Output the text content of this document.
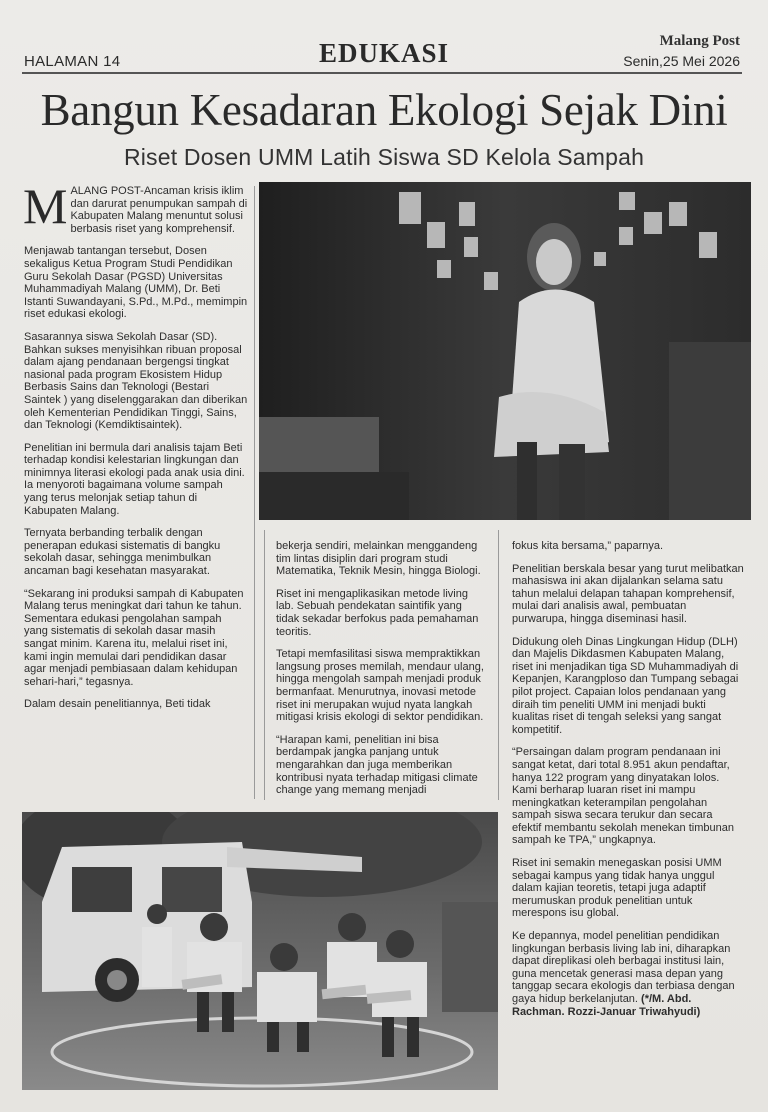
HALAMAN 14	EDUKASI	Malang Post
Senin,25 Mei 2026
Bangun Kesadaran Ekologi Sejak Dini
Riset Dosen UMM Latih Siswa SD Kelola Sampah

MALANG POST-Ancaman krisis iklim dan darurat penumpukan sampah di Kabupaten Malang menuntut solusi berbasis riset yang komprehensif.

Menjawab tantangan tersebut, Dosen sekaligus Ketua Program Studi Pendidikan Guru Sekolah Dasar (PGSD) Universitas Muhammadiyah Malang (UMM), Dr. Beti Istanti Suwandayani, S.Pd., M.Pd., memimpin riset edukasi ekologi.

Sasarannya siswa Sekolah Dasar (SD). Bahkan sukses menyisihkan ribuan proposal dalam ajang pendanaan bergengsi tingkat nasional pada program Ekosistem Hidup Berbasis Sains dan Teknologi (Bestari Saintek ) yang diselenggarakan dan diberikan oleh Kementerian Pendidikan Tinggi, Sains, dan Teknologi (Kemdiktisaintek).

Penelitian ini bermula dari analisis tajam Beti terhadap kondisi kelestarian lingkungan dan minimnya literasi ekologi pada anak usia dini. Ia menyoroti bagaimana volume sampah yang terus melonjak setiap tahun di Kabupaten Malang.

Ternyata berbanding terbalik dengan penerapan edukasi sistematis di bangku sekolah dasar, sehingga menimbulkan ancaman bagi kesehatan masyarakat.

“Sekarang ini produksi sampah di Kabupaten Malang terus meningkat dari tahun ke tahun. Sementara edukasi pengolahan sampah yang sistematis di sekolah dasar masih sangat minim. Karena itu, melalui riset ini, kami ingin memulai dari pendidikan dasar agar menjadi pembiasaan dalam kehidupan sehari-hari,” tegasnya.

Dalam desain penelitiannya, Beti tidak

bekerja sendiri, melainkan menggandeng tim lintas disiplin dari program studi Matematika, Teknik Mesin, hingga Biologi.

Riset ini mengaplikasikan metode living lab. Sebuah pendekatan saintifik yang tidak sekadar berfokus pada pemahaman teoritis.

Tetapi memfasilitasi siswa mempraktikkan langsung proses memilah, mendaur ulang, hingga mengolah sampah menjadi produk bermanfaat. Menurutnya, inovasi metode riset ini merupakan wujud nyata langkah mitigasi krisis ekologi di sektor pendidikan.

“Harapan kami, penelitian ini bisa berdampak jangka panjang untuk mengarahkan dan juga memberikan kontribusi nyata terhadap mitigasi climate change yang memang menjadi

fokus kita bersama,” paparnya.

Penelitian berskala besar yang turut melibatkan mahasiswa ini akan dijalankan selama satu tahun melalui delapan tahapan komprehensif, mulai dari analisis awal, pembuatan purwarupa, hingga diseminasi hasil.

Didukung oleh Dinas Lingkungan Hidup (DLH) dan Majelis Dikdasmen Kabupaten Malang, riset ini menjadikan tiga SD Muhammadiyah di Kepanjen, Karangploso dan Tumpang sebagai pilot project. Capaian lolos pendanaan yang diraih tim peneliti UMM ini menjadi bukti kualitas riset di tengah seleksi yang sangat kompetitif.

“Persaingan dalam program pendanaan ini sangat ketat, dari total 8.951 akun pendaftar, hanya 122 program yang dinyatakan lolos. Kami berharap luaran riset ini mampu meningkatkan keterampilan pengolahan sampah siswa secara terukur dan secara efektif membantu sekolah menekan timbunan sampah ke TPA,” ungkapnya.

Riset ini semakin menegaskan posisi UMM sebagai kampus yang tidak hanya unggul dalam kajian teoretis, tetapi juga adaptif merumuskan produk penelitian untuk merespons isu global.

Ke depannya, model penelitian pendidikan lingkungan berbasis living lab ini, diharapkan dapat direplikasi oleh berbagai institusi lain, guna mencetak generasi masa depan yang tanggap secara ekologis dan terbiasa dengan gaya hidup berkelanjutan. (*/M. Abd. Rachman. Rozzi-Januar Triwahyudi)
